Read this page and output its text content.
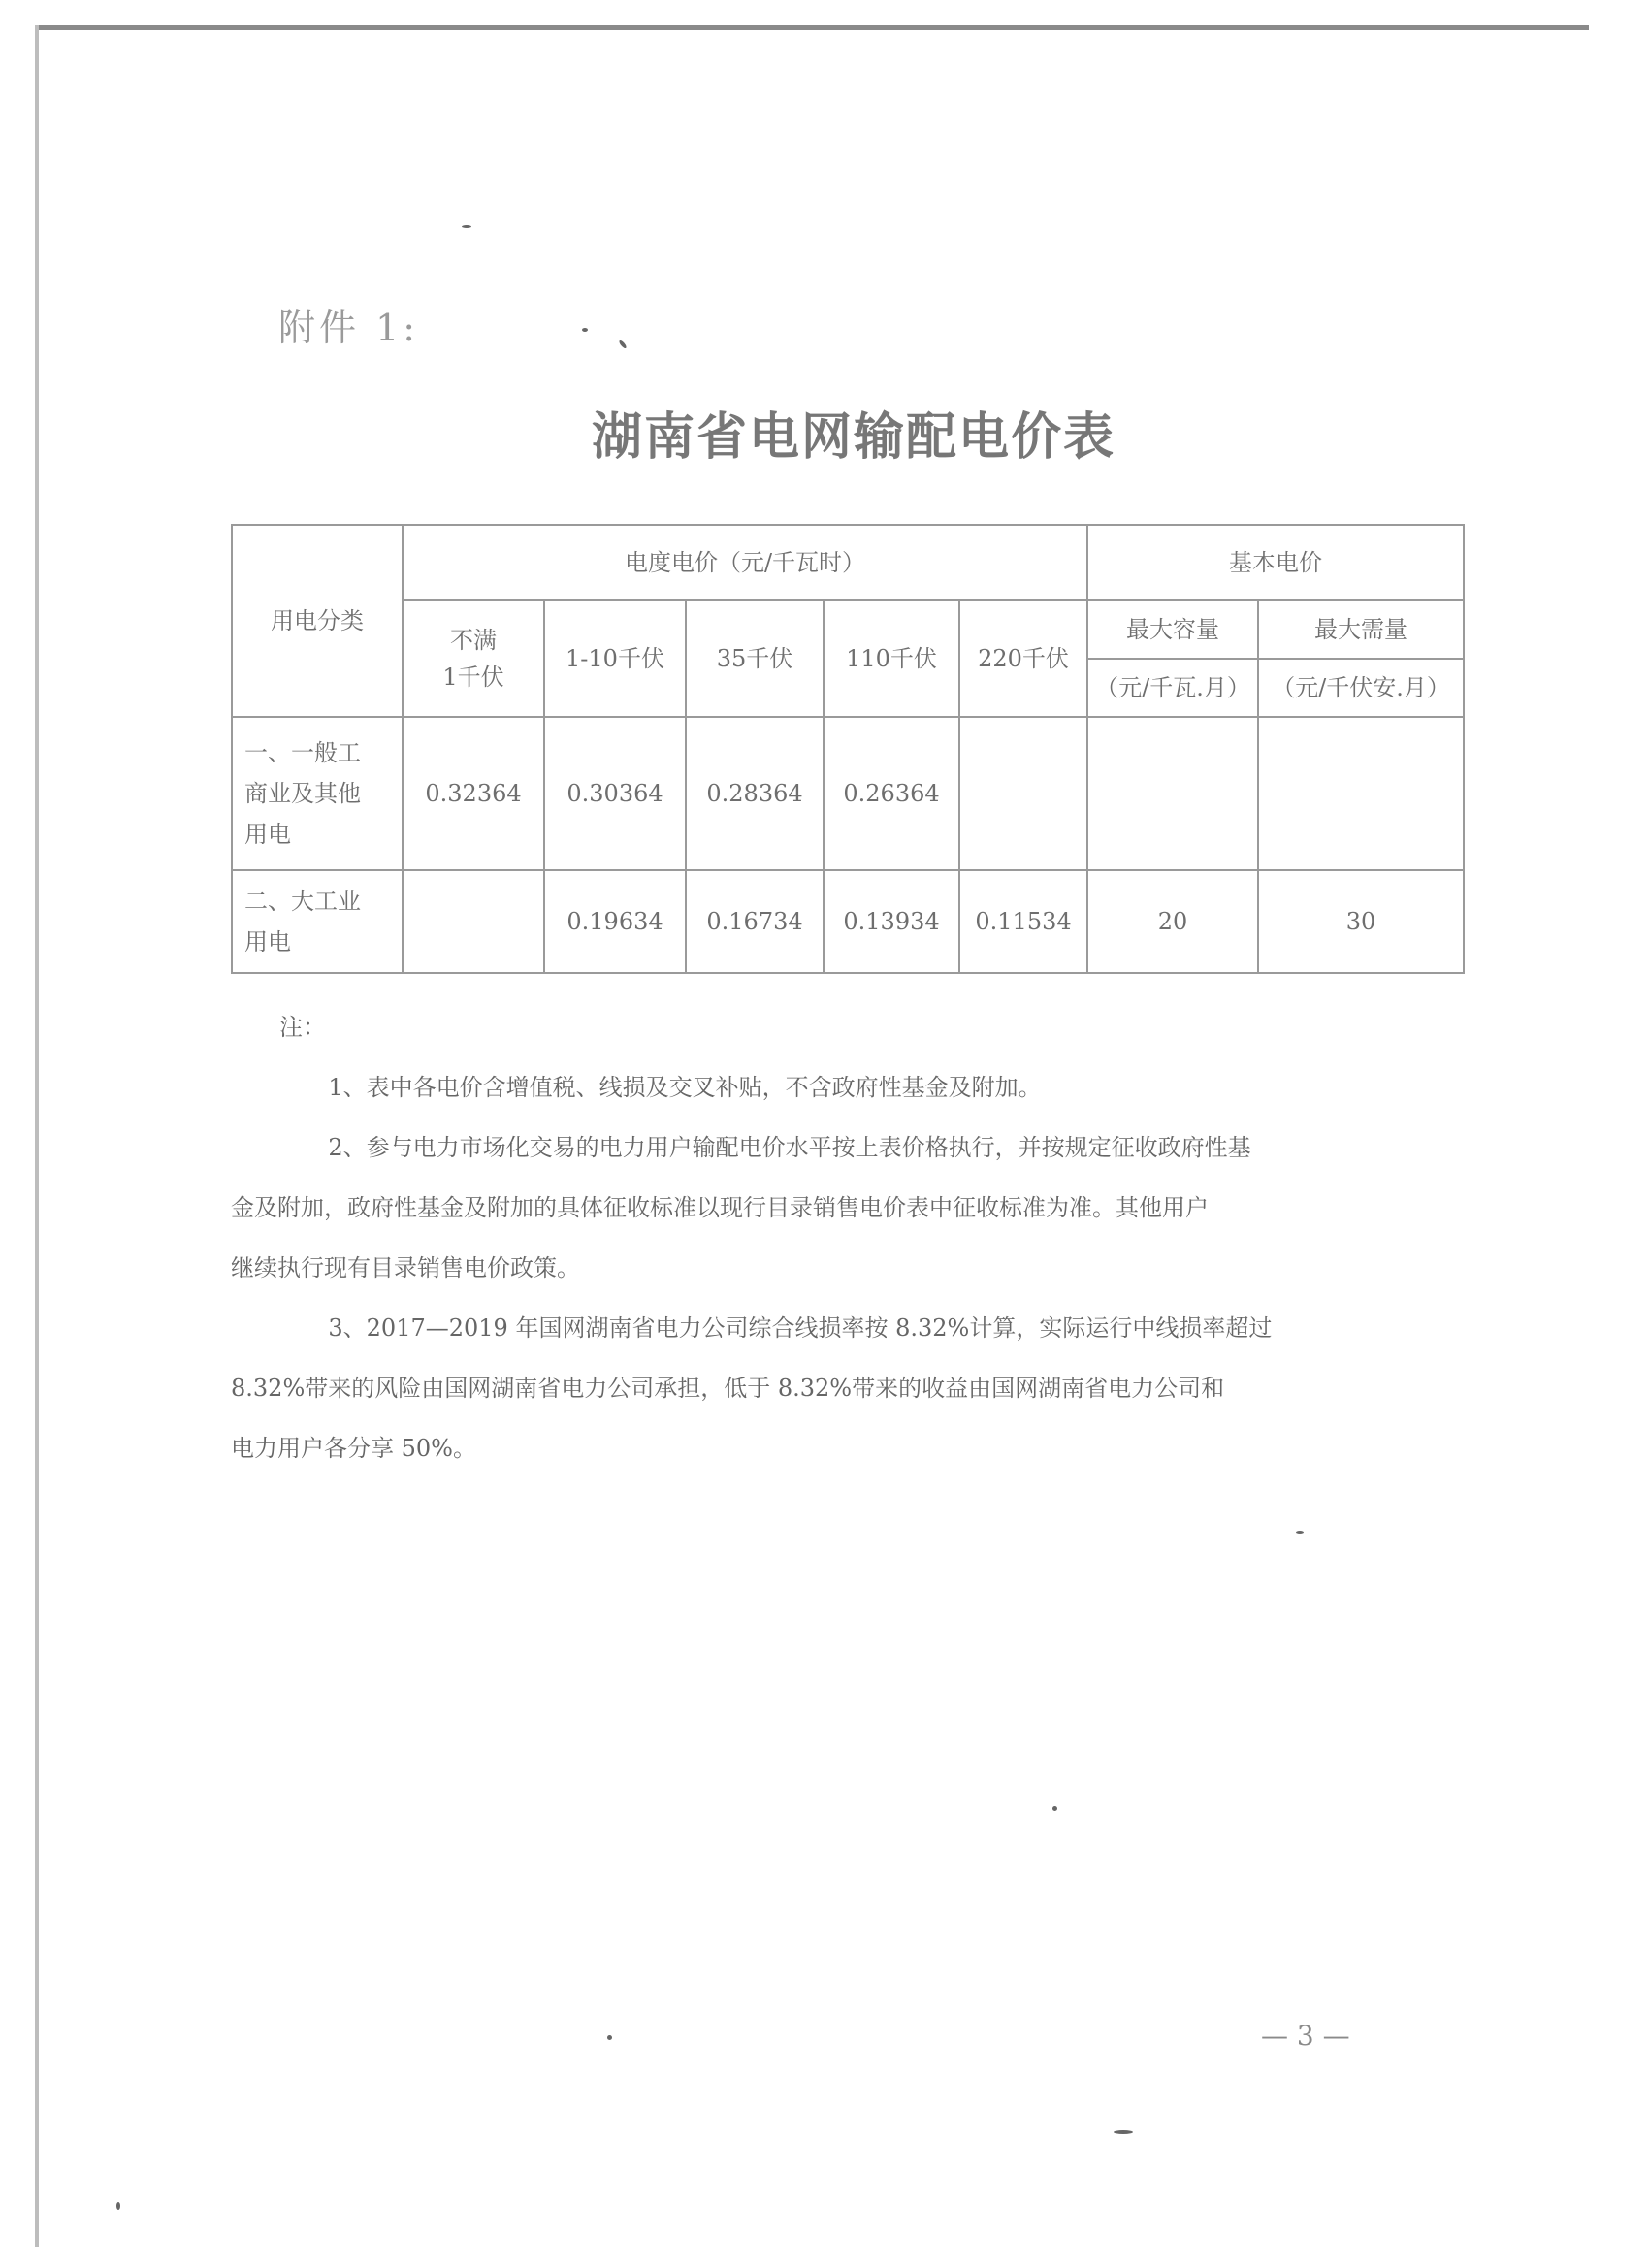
附件 1:
湖南省电网输配电价表
用电分类	电度电价（元/千瓦时）					基本电价	

	不满
1千伏	1-10千伏	35千伏	110千伏	220千伏	最大容量	最大需量
						（元/千瓦.月）	（元/千伏安.月）

一、一般工
商业及其他
用电	0.32364	0.30364	0.28364	0.26364			

二、大工业
用电		0.19634	0.16734	0.13934	0.11534	20	30

注：

1、表中各电价含增值税、线损及交叉补贴，不含政府性基金及附加。

2、参与电力市场化交易的电力用户输配电价水平按上表价格执行，并按规定征收政府性基

金及附加，政府性基金及附加的具体征收标准以现行目录销售电价表中征收标准为准。其他用户

继续执行现有目录销售电价政策。

3、2017—2019 年国网湖南省电力公司综合线损率按 8.32%计算，实际运行中线损率超过

8.32%带来的风险由国网湖南省电力公司承担，低于 8.32%带来的收益由国网湖南省电力公司和

电力用户各分享 50%。

— 3 —
